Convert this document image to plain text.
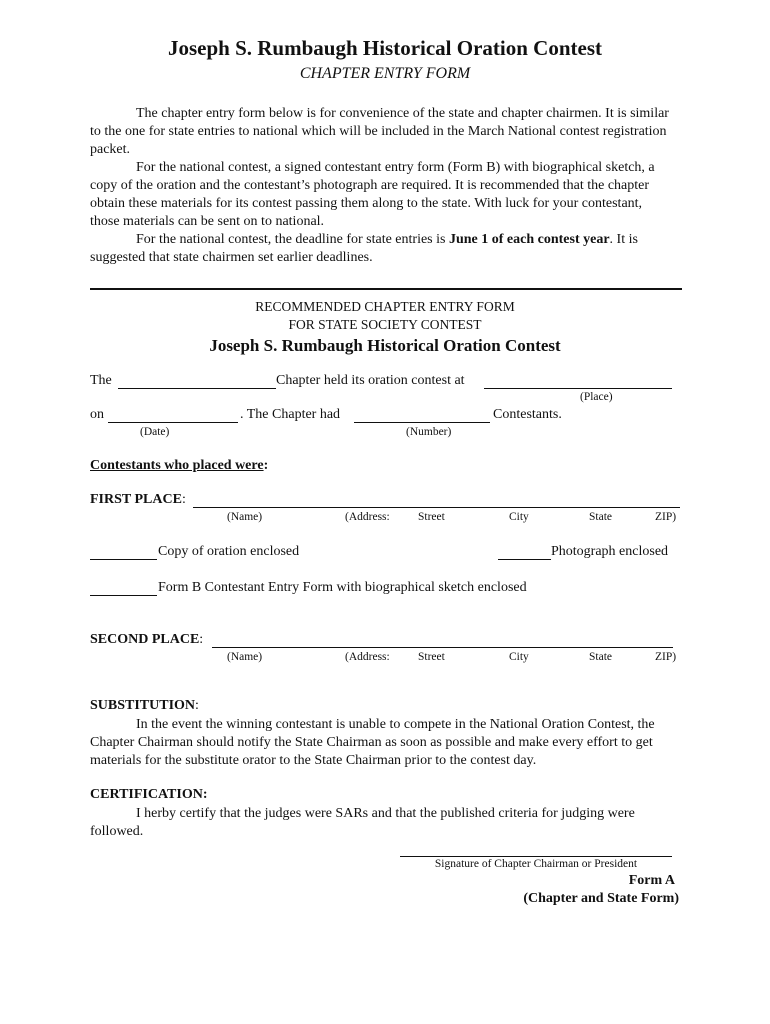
Joseph S. Rumbaugh Historical Oration Contest
CHAPTER ENTRY FORM
The chapter entry form below is for convenience of the state and chapter chairmen. It is similar to the one for state entries to national which will be included in the March National contest registration packet.
For the national contest, a signed contestant entry form (Form B) with biographical sketch, a copy of the oration and the contestant’s photograph are required. It is recommended that the chapter obtain these materials for its contest passing them along to the state. With luck for your contestant, those materials can be sent on to national.
For the national contest, the deadline for state entries is June 1 of each contest year. It is suggested that state chairmen set earlier deadlines.
RECOMMENDED CHAPTER ENTRY FORM
FOR STATE SOCIETY CONTEST
Joseph S. Rumbaugh Historical Oration Contest
The	Chapter held its oration contest at
(Place)
on	. The Chapter had	Contestants.
(Date)	(Number)
Contestants who placed were:
FIRST PLACE:
(Name)	(Address: Street	City	State	ZIP)
Copy of oration enclosed	Photograph enclosed
Form B Contestant Entry Form with biographical sketch enclosed
SECOND PLACE:
(Name)	(Address: Street	City	State	ZIP)
SUBSTITUTION:
In the event the winning contestant is unable to compete in the National Oration Contest, the Chapter Chairman should notify the State Chairman as soon as possible and make every effort to get materials for the substitute orator to the State Chairman prior to the contest day.
CERTIFICATION:
I herby certify that the judges were SARs and that the published criteria for judging were followed.
Signature of Chapter Chairman or President
Form A
(Chapter and State Form)
